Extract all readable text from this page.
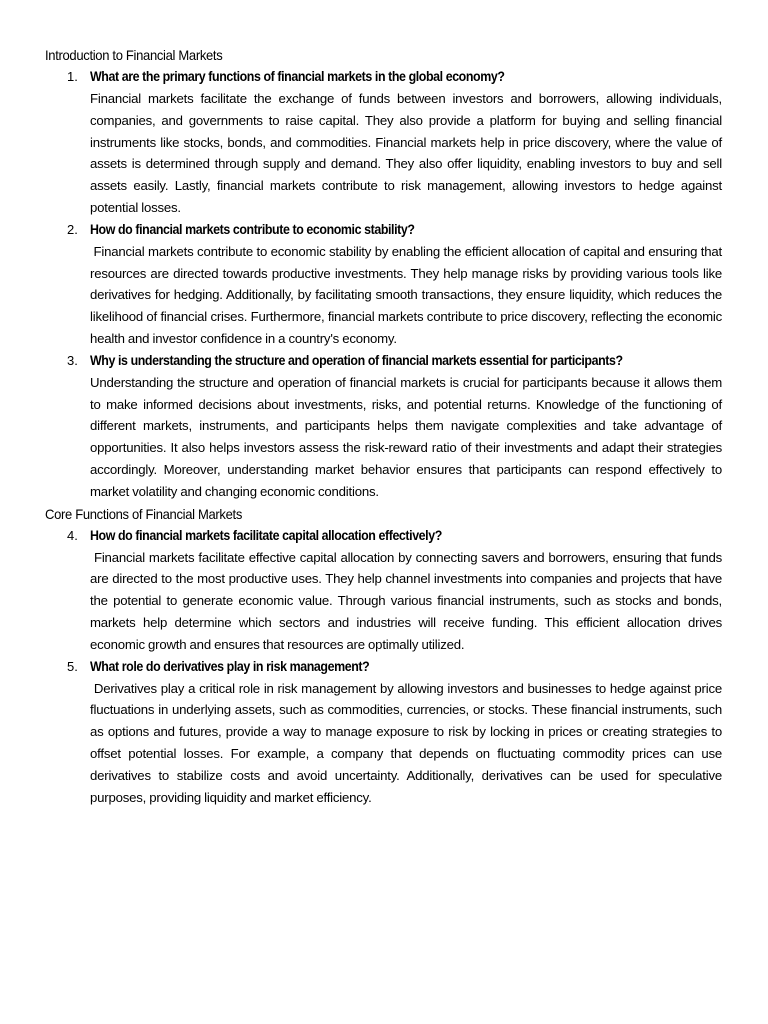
Introduction to Financial Markets
1. What are the primary functions of financial markets in the global economy?
Financial markets facilitate the exchange of funds between investors and borrowers, allowing individuals, companies, and governments to raise capital. They also provide a platform for buying and selling financial instruments like stocks, bonds, and commodities. Financial markets help in price discovery, where the value of assets is determined through supply and demand. They also offer liquidity, enabling investors to buy and sell assets easily. Lastly, financial markets contribute to risk management, allowing investors to hedge against potential losses.
2. How do financial markets contribute to economic stability?
Financial markets contribute to economic stability by enabling the efficient allocation of capital and ensuring that resources are directed towards productive investments. They help manage risks by providing various tools like derivatives for hedging. Additionally, by facilitating smooth transactions, they ensure liquidity, which reduces the likelihood of financial crises. Furthermore, financial markets contribute to price discovery, reflecting the economic health and investor confidence in a country's economy.
3. Why is understanding the structure and operation of financial markets essential for participants?
Understanding the structure and operation of financial markets is crucial for participants because it allows them to make informed decisions about investments, risks, and potential returns. Knowledge of the functioning of different markets, instruments, and participants helps them navigate complexities and take advantage of opportunities. It also helps investors assess the risk-reward ratio of their investments and adapt their strategies accordingly. Moreover, understanding market behavior ensures that participants can respond effectively to market volatility and changing economic conditions.
Core Functions of Financial Markets
4. How do financial markets facilitate capital allocation effectively?
Financial markets facilitate effective capital allocation by connecting savers and borrowers, ensuring that funds are directed to the most productive uses. They help channel investments into companies and projects that have the potential to generate economic value. Through various financial instruments, such as stocks and bonds, markets help determine which sectors and industries will receive funding. This efficient allocation drives economic growth and ensures that resources are optimally utilized.
5. What role do derivatives play in risk management?
Derivatives play a critical role in risk management by allowing investors and businesses to hedge against price fluctuations in underlying assets, such as commodities, currencies, or stocks. These financial instruments, such as options and futures, provide a way to manage exposure to risk by locking in prices or creating strategies to offset potential losses. For example, a company that depends on fluctuating commodity prices can use derivatives to stabilize costs and avoid uncertainty. Additionally, derivatives can be used for speculative purposes, providing liquidity and market efficiency.
